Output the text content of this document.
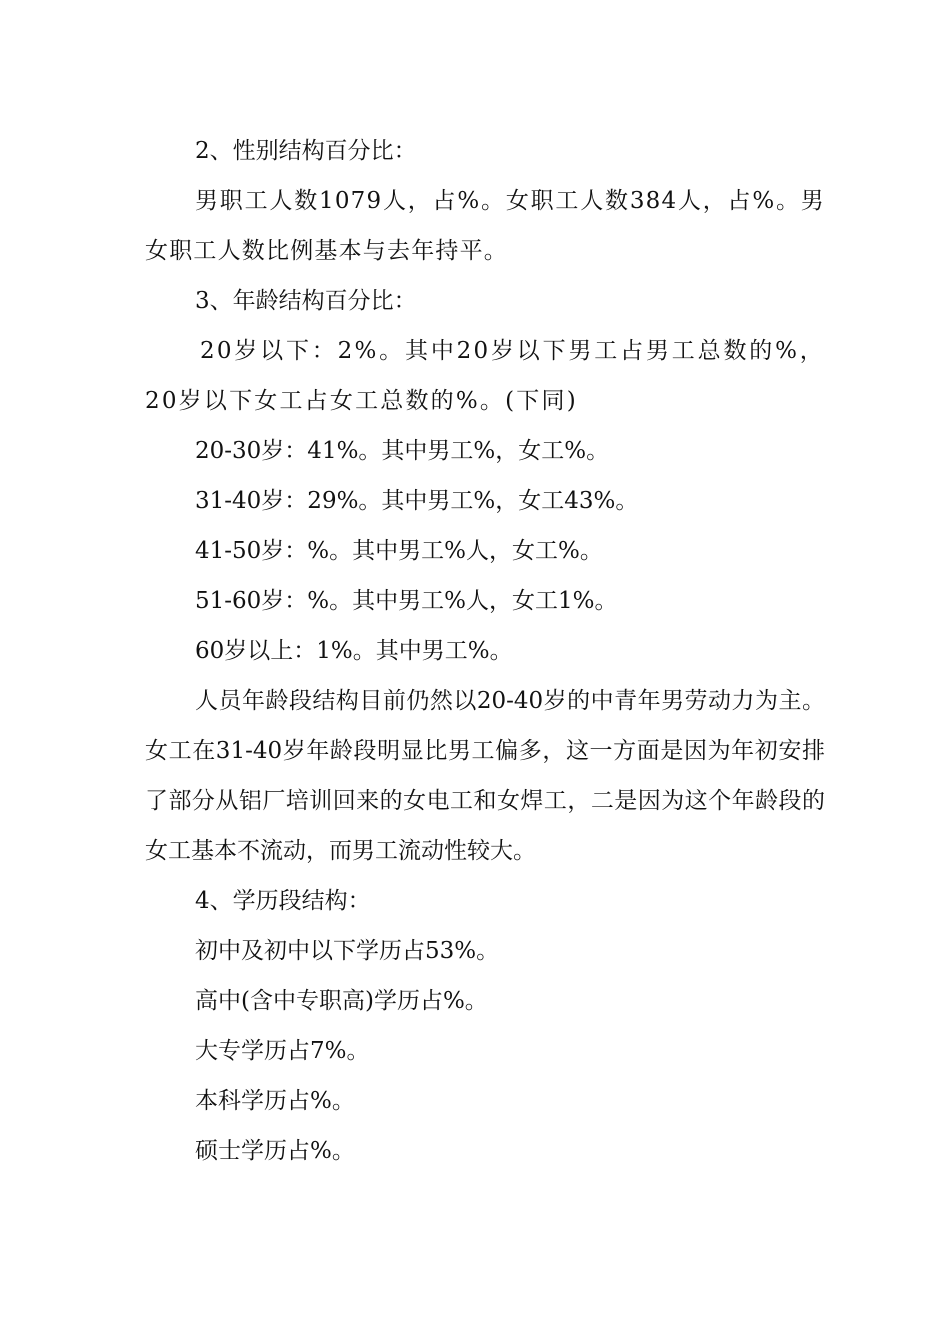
2、性别结构百分比：

男职工人数1079人，占%。女职工人数384人，占%。男女职工人数比例基本与去年持平。

3、年龄结构百分比：

20岁以下：2%。其中20岁以下男工占男工总数的%，20岁以下女工占女工总数的%。(下同)

20-30岁：41%。其中男工%，女工%。

31-40岁：29%。其中男工%，女工43%。

41-50岁：%。其中男工%人，女工%。

51-60岁：%。其中男工%人，女工1%。

60岁以上：1%。其中男工%。

人员年龄段结构目前仍然以20-40岁的中青年男劳动力为主。女工在31-40岁年龄段明显比男工偏多，这一方面是因为年初安排了部分从铝厂培训回来的女电工和女焊工，二是因为这个年龄段的女工基本不流动，而男工流动性较大。

4、学历段结构：

初中及初中以下学历占53%。

高中(含中专职高)学历占%。

大专学历占7%。

本科学历占%。

硕士学历占%。
